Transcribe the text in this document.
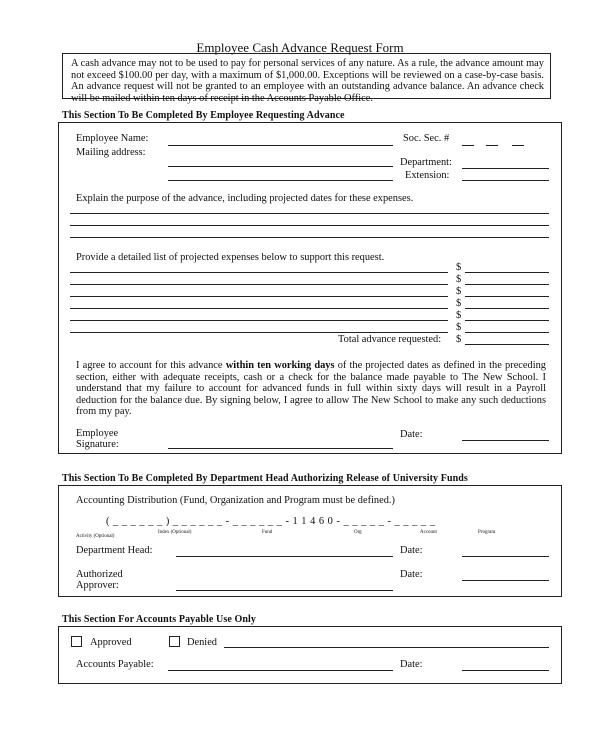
Employee Cash Advance Request Form

A cash advance may not to be used to pay for personal services of any nature. As a rule, the advance amount may not exceed $100.00 per day, with a maximum of $1,000.00. Exceptions will be reviewed on a case-by-case basis. An advance request will not be granted to an employee with an outstanding advance balance. An advance check will be mailed within ten days of receipt in the Accounts Payable Office.

This Section To Be Completed By Employee Requesting Advance
Employee Name:	Soc. Sec. #
Mailing address:
Department:
Extension:
Explain the purpose of the advance, including projected dates for these expenses.
Provide a detailed list of projected expenses below to support this request.
$
$
$
$
$
$
Total advance requested: $

I agree to account for this advance within ten working days of the projected dates as defined in the preceding section, either with adequate receipts, cash or a check for the balance made payable to The New School. I understand that my failure to account for advanced funds in full within sixty days will result in a Payroll deduction for the balance due. By signing below, I agree to allow The New School to make any such deductions from my pay.

Employee
Signature:
Date:
This Section To Be Completed By Department Head Authorizing Release of University Funds
Accounting Distribution (Fund, Organization and Program must be defined.)
( _ _ _ _ _ _ ) _ _ _ _ _ _ - _ _ _ _ _ _ - 1 1 4 6 0 - _ _ _ _ _ - _ _ _ _ _
Activity (Optional)
Index (Optional)	Fund	Org	Account	Program
Department Head:	Date:
Authorized
Approver:
Date:
This Section For Accounts Payable Use Only
Approved	Denied
Accounts Payable:	Date:
